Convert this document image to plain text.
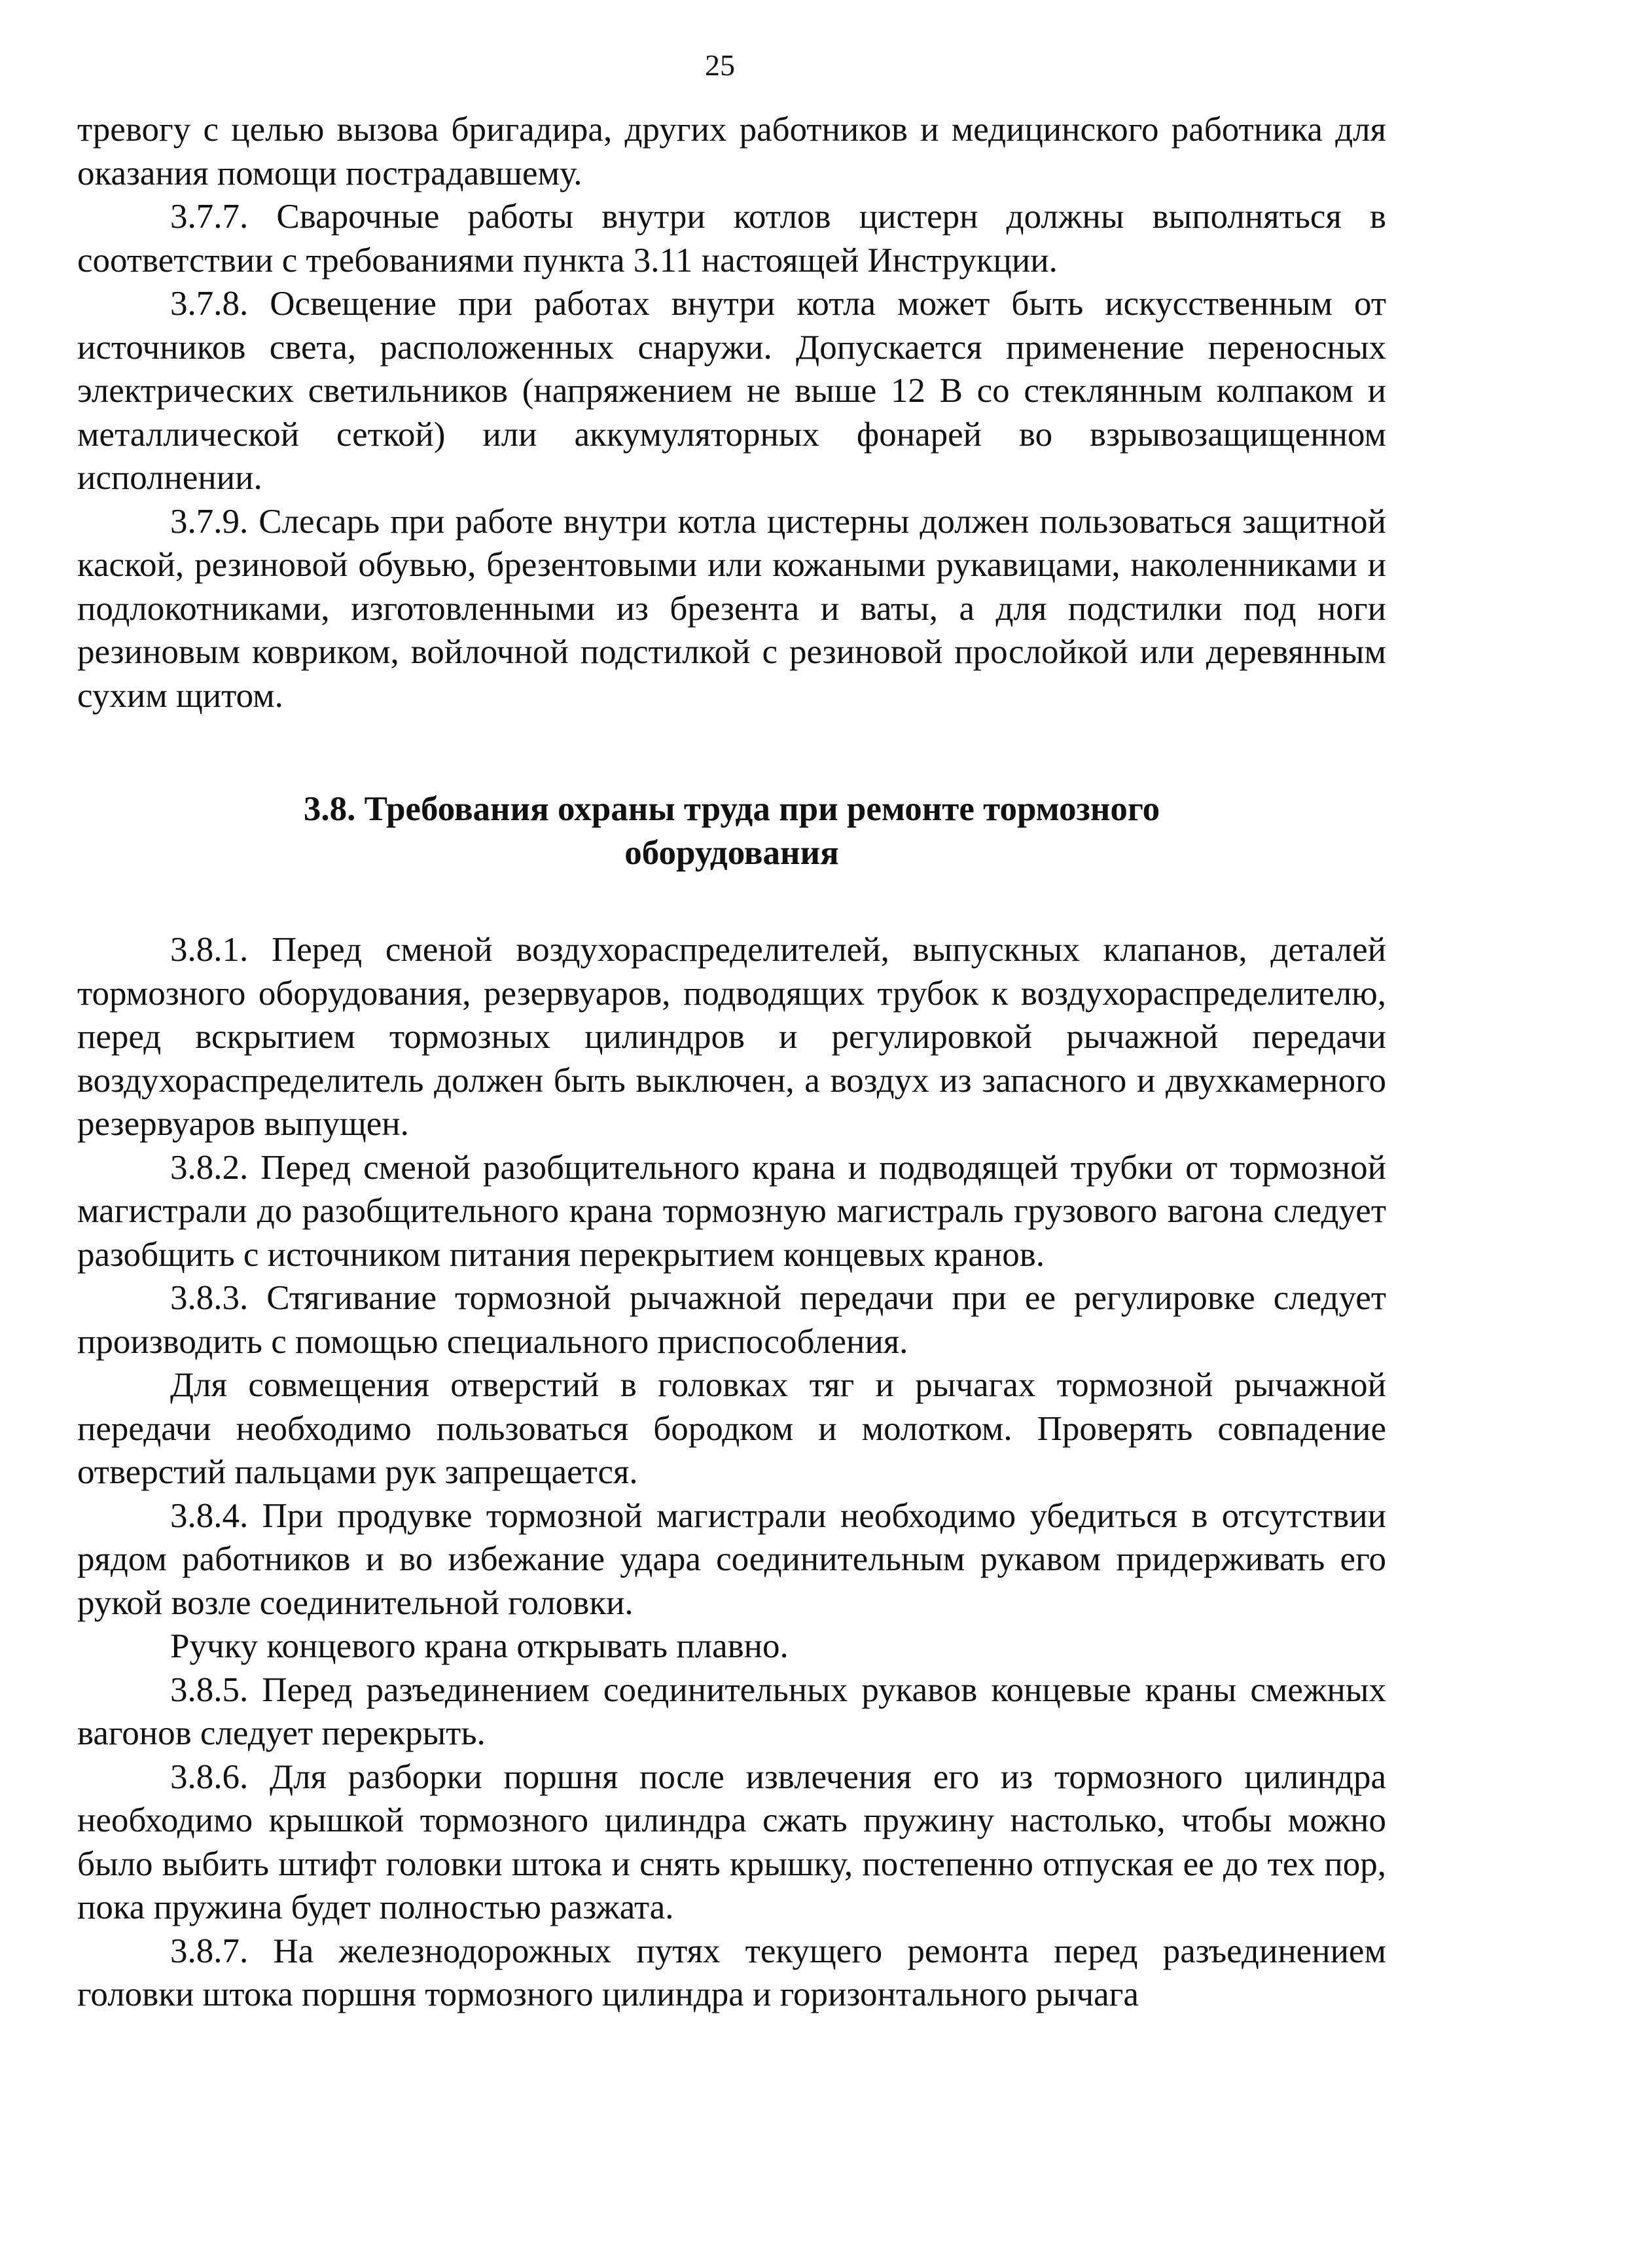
25

тревогу с целью вызова бригадира, других работников и медицинского работника для оказания помощи пострадавшему.

3.7.7. Сварочные работы внутри котлов цистерн должны выполняться в соответствии с требованиями пункта 3.11 настоящей Инструкции.

3.7.8. Освещение при работах внутри котла может быть искусственным от источников света, расположенных снаружи. Допускается применение переносных электрических светильников (напряжением не выше 12 В со стеклянным колпаком и металлической сеткой) или аккумуляторных фонарей во взрывозащищенном исполнении.

3.7.9. Слесарь при работе внутри котла цистерны должен пользоваться защитной каской, резиновой обувью, брезентовыми или кожаными рукавицами, наколенниками и подлокотниками, изготовленными из брезента и ваты, а для подстилки под ноги резиновым ковриком, войлочной подстилкой с резиновой прослойкой или деревянным сухим щитом.

3.8. Требования охраны труда при ремонте тормозного
оборудования

3.8.1. Перед сменой воздухораспределителей, выпускных клапанов, деталей тормозного оборудования, резервуаров, подводящих трубок к воздухораспределителю, перед вскрытием тормозных цилиндров и регулировкой рычажной передачи воздухораспределитель должен быть выключен, а воздух из запасного и двухкамерного резервуаров выпущен.

3.8.2. Перед сменой разобщительного крана и подводящей трубки от тормозной магистрали до разобщительного крана тормозную магистраль грузового вагона следует разобщить с источником питания перекрытием концевых кранов.

3.8.3. Стягивание тормозной рычажной передачи при ее регулировке следует производить с помощью специального приспособления.

Для совмещения отверстий в головках тяг и рычагах тормозной рычажной передачи необходимо пользоваться бородком и молотком. Проверять совпадение отверстий пальцами рук запрещается.

3.8.4. При продувке тормозной магистрали необходимо убедиться в отсутствии рядом работников и во избежание удара соединительным рукавом придерживать его рукой возле соединительной головки.

Ручку концевого крана открывать плавно.

3.8.5. Перед разъединением соединительных рукавов концевые краны смежных вагонов следует перекрыть.

3.8.6. Для разборки поршня после извлечения его из тормозного цилиндра необходимо крышкой тормозного цилиндра сжать пружину настолько, чтобы можно было выбить штифт головки штока и снять крышку, постепенно отпуская ее до тех пор, пока пружина будет полностью разжата.

3.8.7. На железнодорожных путях текущего ремонта перед разъединением головки штока поршня тормозного цилиндра и горизонтального рычага
